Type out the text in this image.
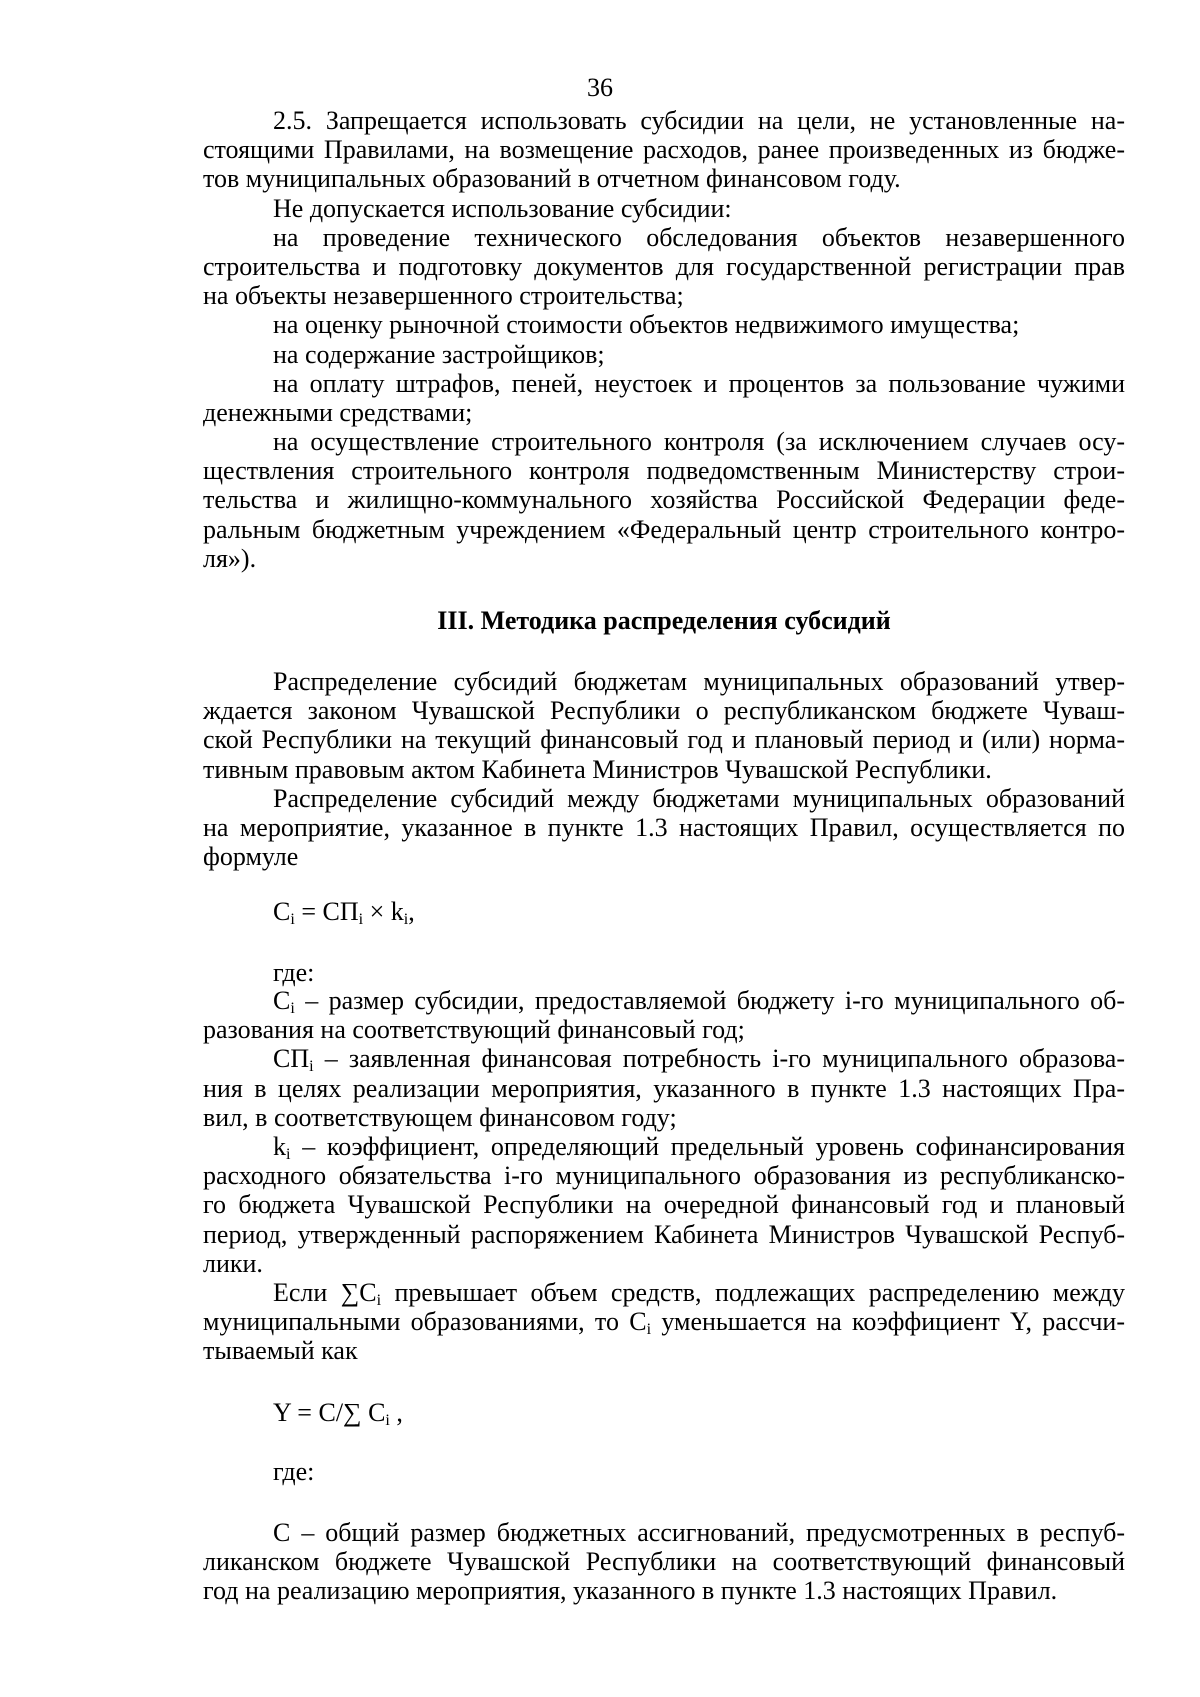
36
2.5. Запрещается использовать субсидии на цели, не установленные на-
стоящими Правилами, на возмещение расходов, ранее произведенных из бюдже-
тов муниципальных образований в отчетном финансовом году.
Не допускается использование субсидии:
на проведение технического обследования объектов незавершенного
строительства и подготовку документов для государственной регистрации прав
на объекты незавершенного строительства;
на оценку рыночной стоимости объектов недвижимого имущества;
на содержание застройщиков;
на оплату штрафов, пеней, неустоек и процентов за пользование чужими
денежными средствами;
на осуществление строительного контроля (за исключением случаев осу-
ществления строительного контроля подведомственным Министерству строи-
тельства и жилищно-коммунального хозяйства Российской Федерации феде-
ральным бюджетным учреждением «Федеральный центр строительного контро-
ля»).
III. Методика распределения субсидий
Распределение субсидий бюджетам муниципальных образований утвер-
ждается законом Чувашской Республики о республиканском бюджете Чуваш-
ской Республики на текущий финансовый год и плановый период и (или) норма-
тивным правовым актом Кабинета Министров Чувашской Республики.
Распределение субсидий между бюджетами муниципальных образований
на мероприятие, указанное в пункте 1.3 настоящих Правил, осуществляется по
формуле
$C_i = СП_i \times k_i$,
где:
$C_i$ – размер субсидии, предоставляемой бюджету i-го муниципального об-
разования на соответствующий финансовый год;
$СП_i$ – заявленная финансовая потребность i-го муниципального образова-
ния в целях реализации мероприятия, указанного в пункте 1.3 настоящих Пра-
вил, в соответствующем финансовом году;
$k_i$ – коэффициент, определяющий предельный уровень софинансирования
расходного обязательства i-го муниципального образования из республиканско-
го бюджета Чувашской Республики на очередной финансовый год и плановый
период, утвержденный распоряжением Кабинета Министров Чувашской Респуб-
лики.
Если $\sum C_i$ превышает объем средств, подлежащих распределению между
муниципальными образованиями, то $C_i$ уменьшается на коэффициент Y, рассчи-
тываемый как
Y = C/∑ $C_i$ ,
где:
C – общий размер бюджетных ассигнований, предусмотренных в респуб-
ликанском бюджете Чувашской Республики на соответствующий финансовый
год на реализацию мероприятия, указанного в пункте 1.3 настоящих Правил.
